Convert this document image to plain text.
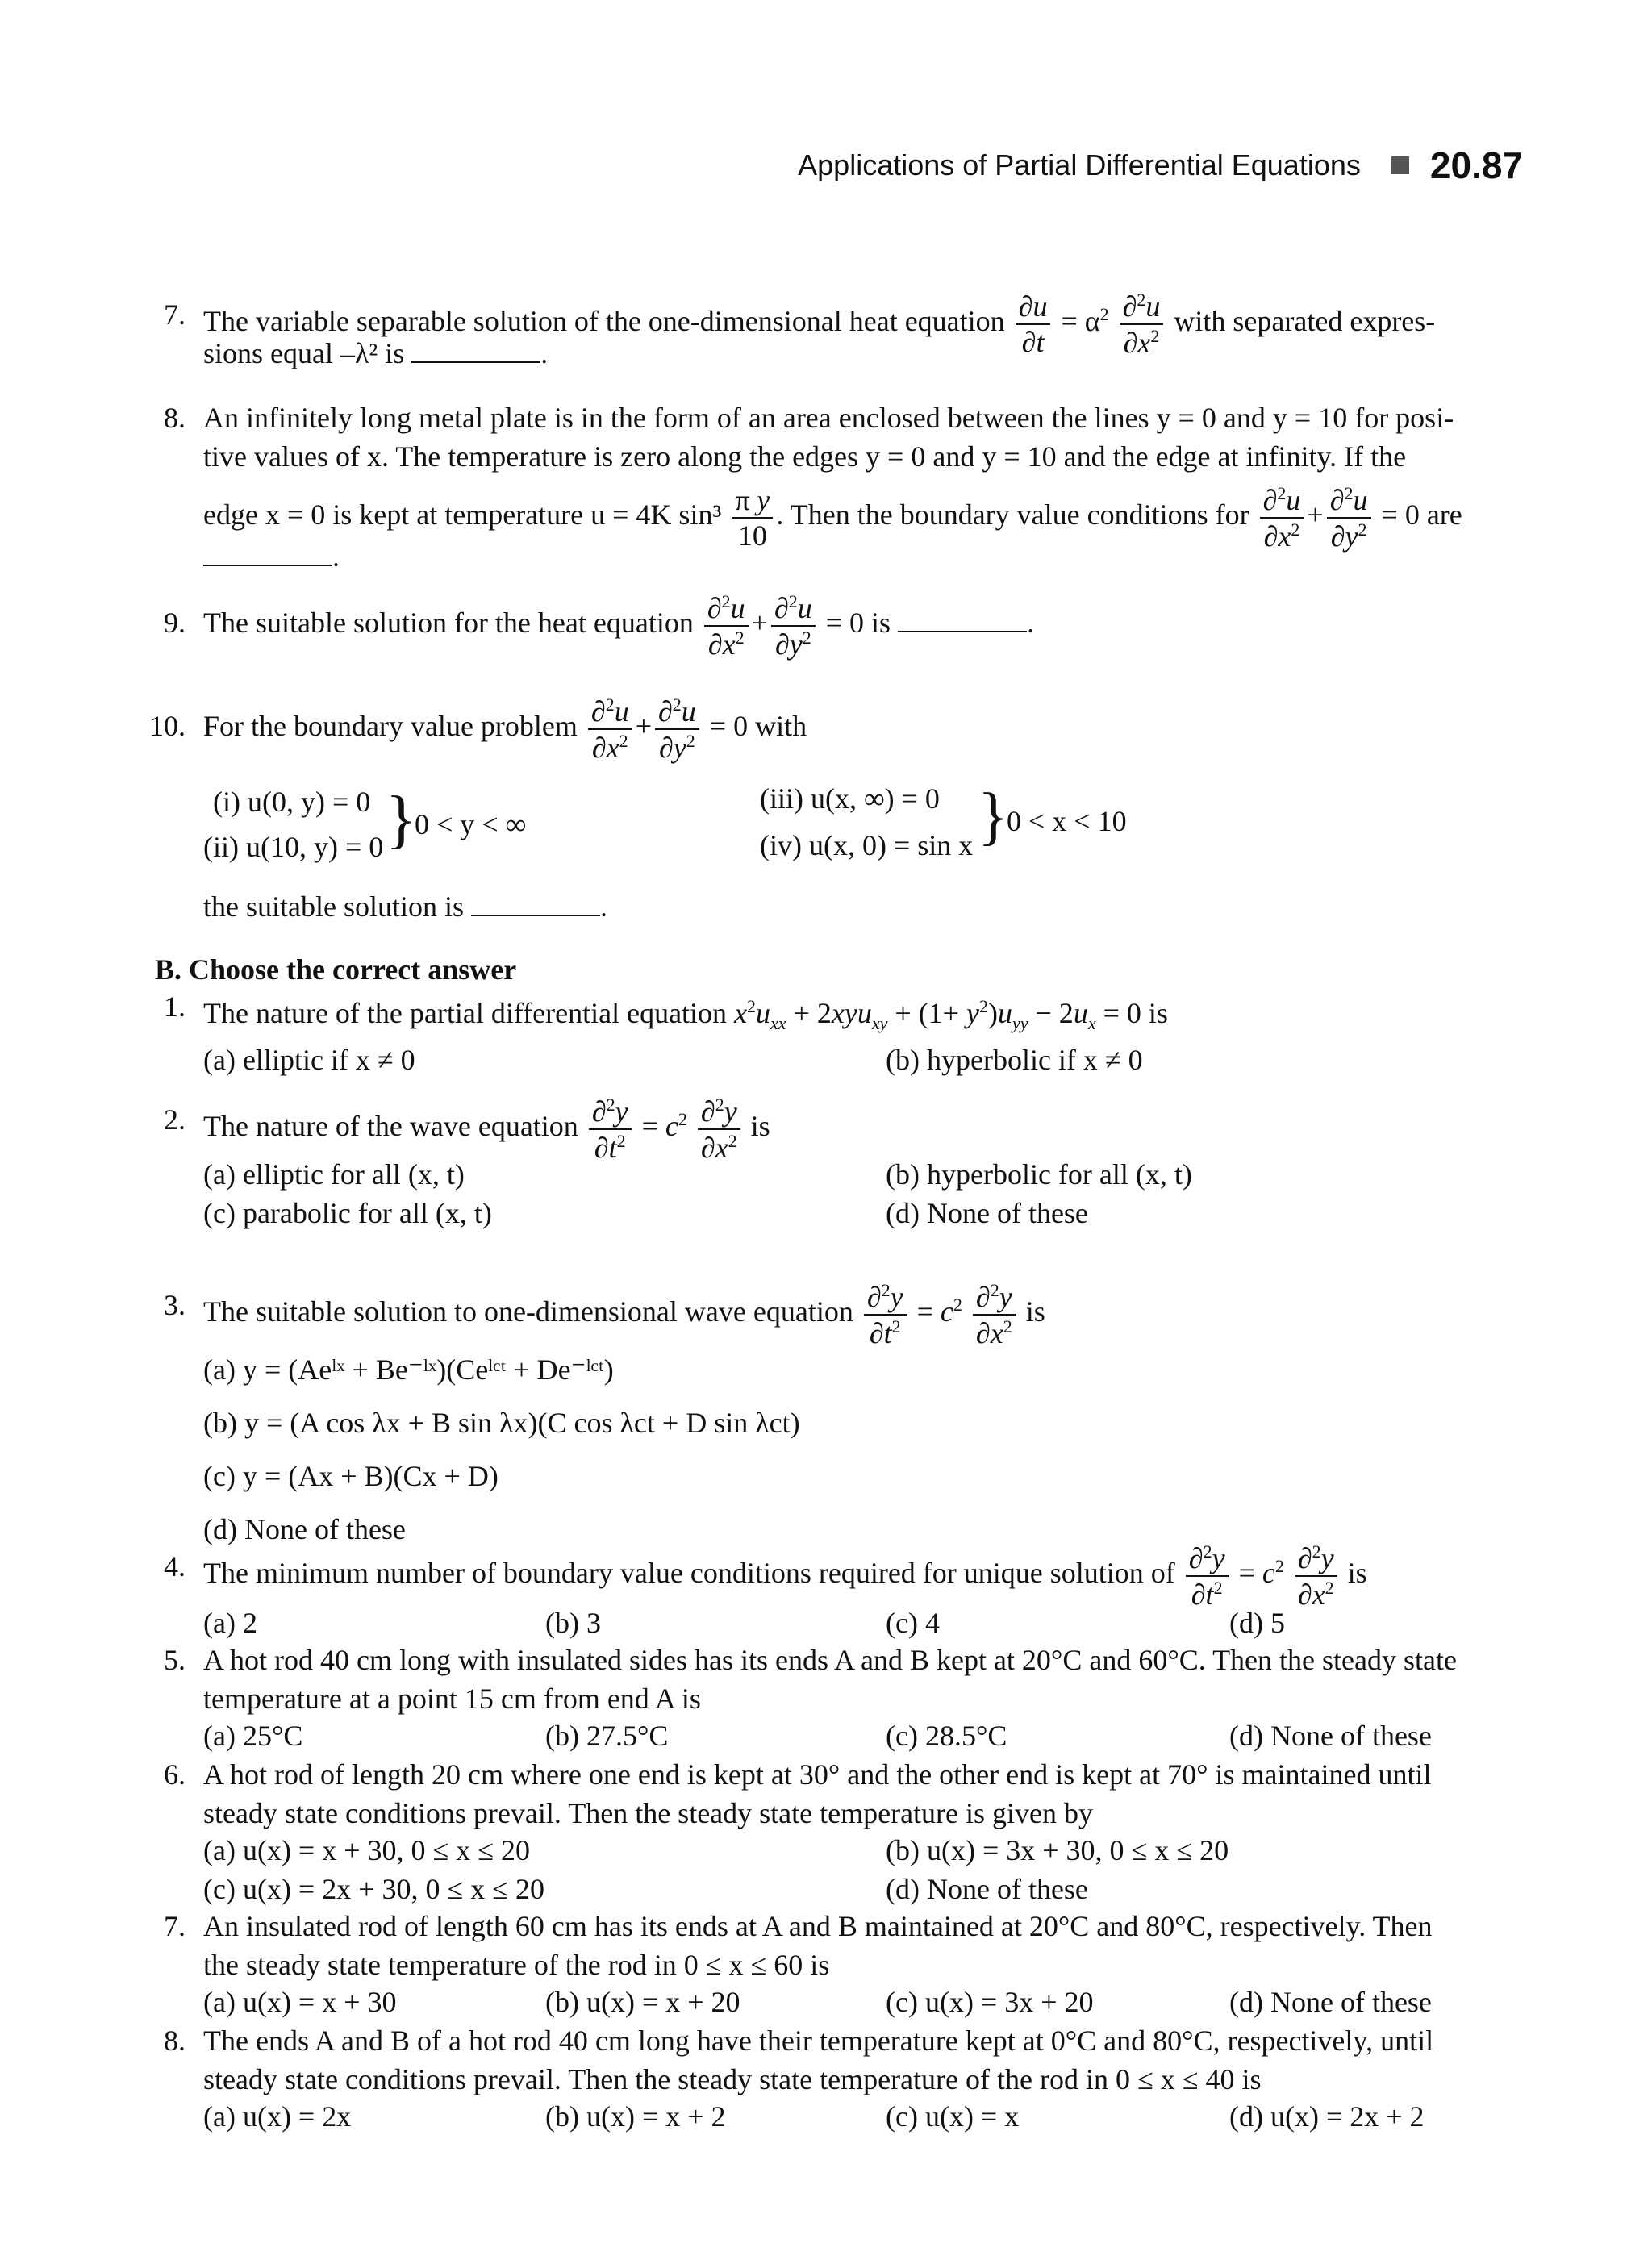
Applications of Partial Differential Equations 20.87
7. The variable separable solution of the one-dimensional heat equation $\frac{\partial u}{\partial t} = \alpha^2 \frac{\partial^2u}{\partial x^2}$ with separated expres-
sions equal –λ² is	.
8. An infinitely long metal plate is in the form of an area enclosed between the lines y = 0 and y = 10 for posi-
tive values of x. The temperature is zero along the edges y = 0 and y = 10 and the edge at infinity. If the
edge x = 0 is kept at temperature u = 4K $\sin^3 \frac{\text{π y}}{10}$ . Then the boundary value conditions for $\frac{\partial^2u}{\partial x^2} + \frac{\partial^2u}{\partial y^2} = 0$ are
.
9. The suitable solution for the heat equation $\frac{\partial^2u}{\partial x^2} + \frac{\partial^2u}{\partial y^2} = 0$ is	.
10. For the boundary value problem $\frac{\partial^2u}{\partial x^2} + \frac{\partial^2u}{\partial y^2} = 0$ with
(i) u(0, y) = 0
(ii) u(10, y) = 0 }
0 < y < ∞
(iii) u(x, ∞) = 0
(iv) u(x, 0) = sin x }
0 < x < 10
the suitable solution is	.
B. Choose the correct answer
1. The nature of the partial differential equation $x^2u_{xx} + 2xyu_{xy} + (1+ y^2)u_{yy} - 2u_x = 0$ is
(a) elliptic if x ≠ 0	(b) hyperbolic if x ≠ 0
2. The nature of the wave equation $\frac{\partial^2y}{\partial t^2} = c^2 \frac{\partial^2y}{\partial x^2}$ is
(a) elliptic for all (x, t)	(b) hyperbolic for all (x, t)
(c) parabolic for all (x, t)	(d) None of these
3. The suitable solution to one-dimensional wave equation $\frac{\partial^2y}{\partial t^2} = c^2 \frac{\partial^2y}{\partial x^2}$ is
(a) y = (Aeˡˣ + Be⁻ˡˣ)(Ceˡᶜᵗ + De⁻ˡᶜᵗ)
(b) y = (A cos λx + B sin λx)(C cos λct + D sin λct)
(c) y = (Ax + B)(Cx + D)
(d) None of these
4. The minimum number of boundary value conditions required for unique solution of $\frac{\partial^2y}{\partial t^2} = c^2 \frac{\partial^2y}{\partial x^2}$ is
(a) 2	(b) 3	(c) 4	(d) 5
5. A hot rod 40 cm long with insulated sides has its ends A and B kept at 20°C and 60°C. Then the steady state
temperature at a point 15 cm from end A is
(a) 25°C	(b) 27.5°C	(c) 28.5°C	(d) None of these
6. A hot rod of length 20 cm where one end is kept at 30° and the other end is kept at 70° is maintained until
steady state conditions prevail. Then the steady state temperature is given by
(a) u(x) = x + 30, 0 ≤ x ≤ 20	(b) u(x) = 3x + 30, 0 ≤ x ≤ 20
(c) u(x) = 2x + 30, 0 ≤ x ≤ 20	(d) None of these
7. An insulated rod of length 60 cm has its ends at A and B maintained at 20°C and 80°C, respectively. Then
the steady state temperature of the rod in 0 ≤ x ≤ 60 is
(a) u(x) = x + 30	(b) u(x) = x + 20	(c) u(x) = 3x + 20	(d) None of these
8. The ends A and B of a hot rod 40 cm long have their temperature kept at 0°C and 80°C, respectively, until
steady state conditions prevail. Then the steady state temperature of the rod in 0 ≤ x ≤ 40 is
(a) u(x) = 2x	(b) u(x) = x + 2	(c) u(x) = x	(d) u(x) = 2x + 2
